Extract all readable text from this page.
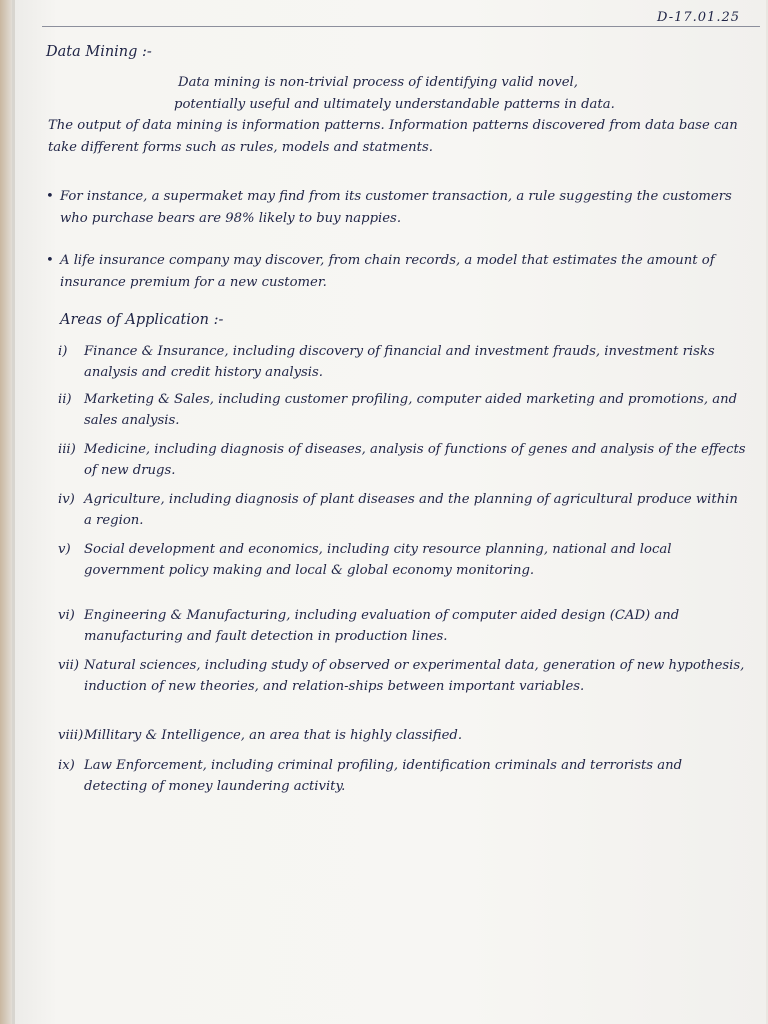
D-17.01.25
Data Mining :-

Data mining is non-trivial process of identifying valid novel,

potentially useful and ultimately understandable patterns in data.

The output of data mining is information patterns. Information patterns discovered from data base can take different forms such as rules, models and statments.

• For instance, a supermaket may find from its customer transaction, a rule suggesting the customers who purchase bears are 98% likely to buy nappies.
• A life insurance company may discover, from chain records, a model that estimates the amount of insurance premium for a new customer.
Areas of Application :-
i)	Finance & Insurance, including discovery of financial and investment frauds, investment risks analysis and credit history analysis.
ii) Marketing & Sales, including customer profiling, computer aided marketing and promotions, and sales analysis.
iii) Medicine, including diagnosis of diseases, analysis of functions of genes and analysis of the effects of new drugs.
iv) Agriculture, including diagnosis of plant diseases and the planning of agricultural produce within a region.
v)	Social development and economics, including city resource planning, national and local government policy making and local & global economy monitoring.
vi) Engineering & Manufacturing, including evaluation of computer aided design (CAD) and manufacturing and fault detection in production lines.
vii) Natural sciences, including study of observed or experimental data, generation of new hypothesis, induction of new theories, and relation-ships between important variables.
viii) Millitary & Intelligence, an area that is highly classified.
ix) Law Enforcement, including criminal profiling, identification criminals and terrorists and detecting of money laundering activity.
